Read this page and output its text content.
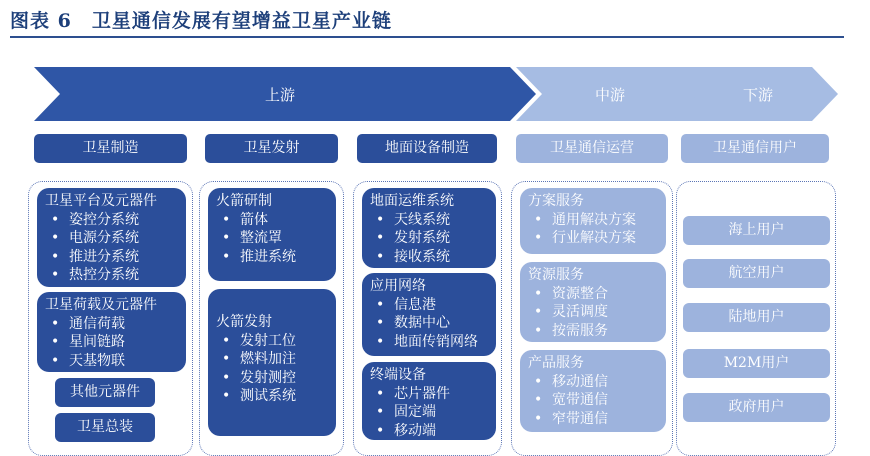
图表 6　卫星通信发展有望增益卫星产业链
上游	中游	下游
卫星制造	卫星发射	地面设备制造	卫星通信运营	卫星通信用户
卫星平台及元器件
• 姿控分系统
• 电源分系统
• 推进分系统
• 热控分系统
卫星荷载及元器件
• 通信荷载
• 星间链路
• 天基物联
其他元器件
卫星总装
火箭研制
• 箭体
• 整流罩
• 推进系统
火箭发射
• 发射工位
• 燃料加注
• 发射测控
• 测试系统
地面运维系统
• 天线系统
• 发射系统
• 接收系统
应用网络
• 信息港
• 数据中心
• 地面传销网络
终端设备
• 芯片器件
• 固定端
• 移动端
方案服务
• 通用解决方案
• 行业解决方案
资源服务
• 资源整合
• 灵活调度
• 按需服务
产品服务
• 移动通信
• 宽带通信
• 窄带通信
海上用户
航空用户
陆地用户
M2M用户
政府用户
